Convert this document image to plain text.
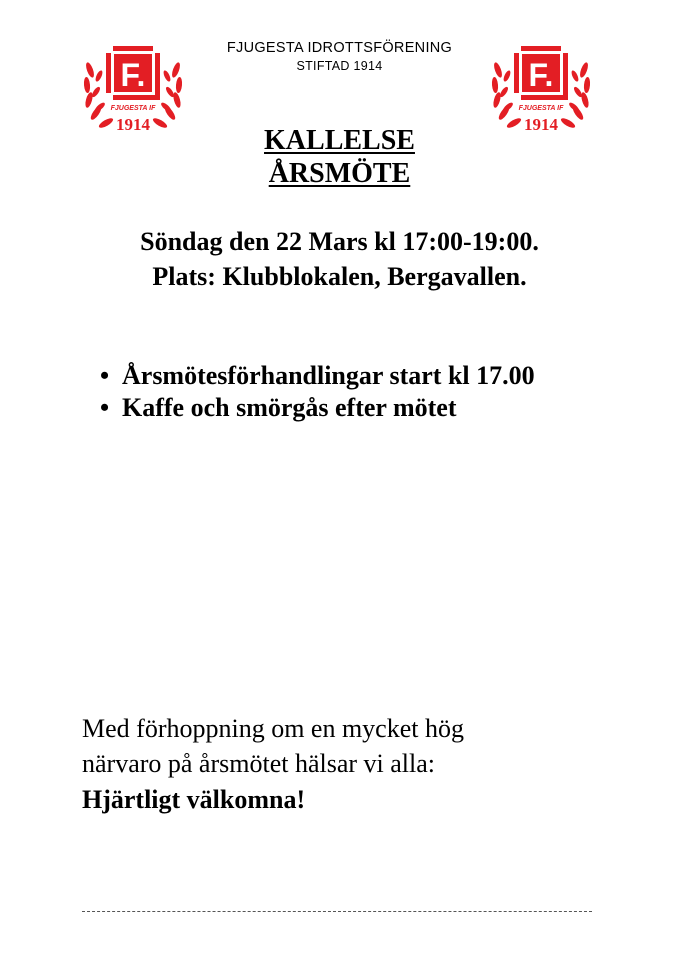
F.
FJUGESTA IF
1914
F.
FJUGESTA IF
1914
FJUGESTA IDROTTSFÖRENING
STIFTAD 1914
KALLELSE
ÅRSMÖTE
Söndag den 22 Mars kl 17:00-19:00.
Plats: Klubblokalen, Bergavallen.
• Årsmötesförhandlingar start kl 17.00
• Kaffe och smörgås efter mötet
Med förhoppning om en mycket hög
närvaro på årsmötet hälsar vi alla:
Hjärtligt välkomna!
